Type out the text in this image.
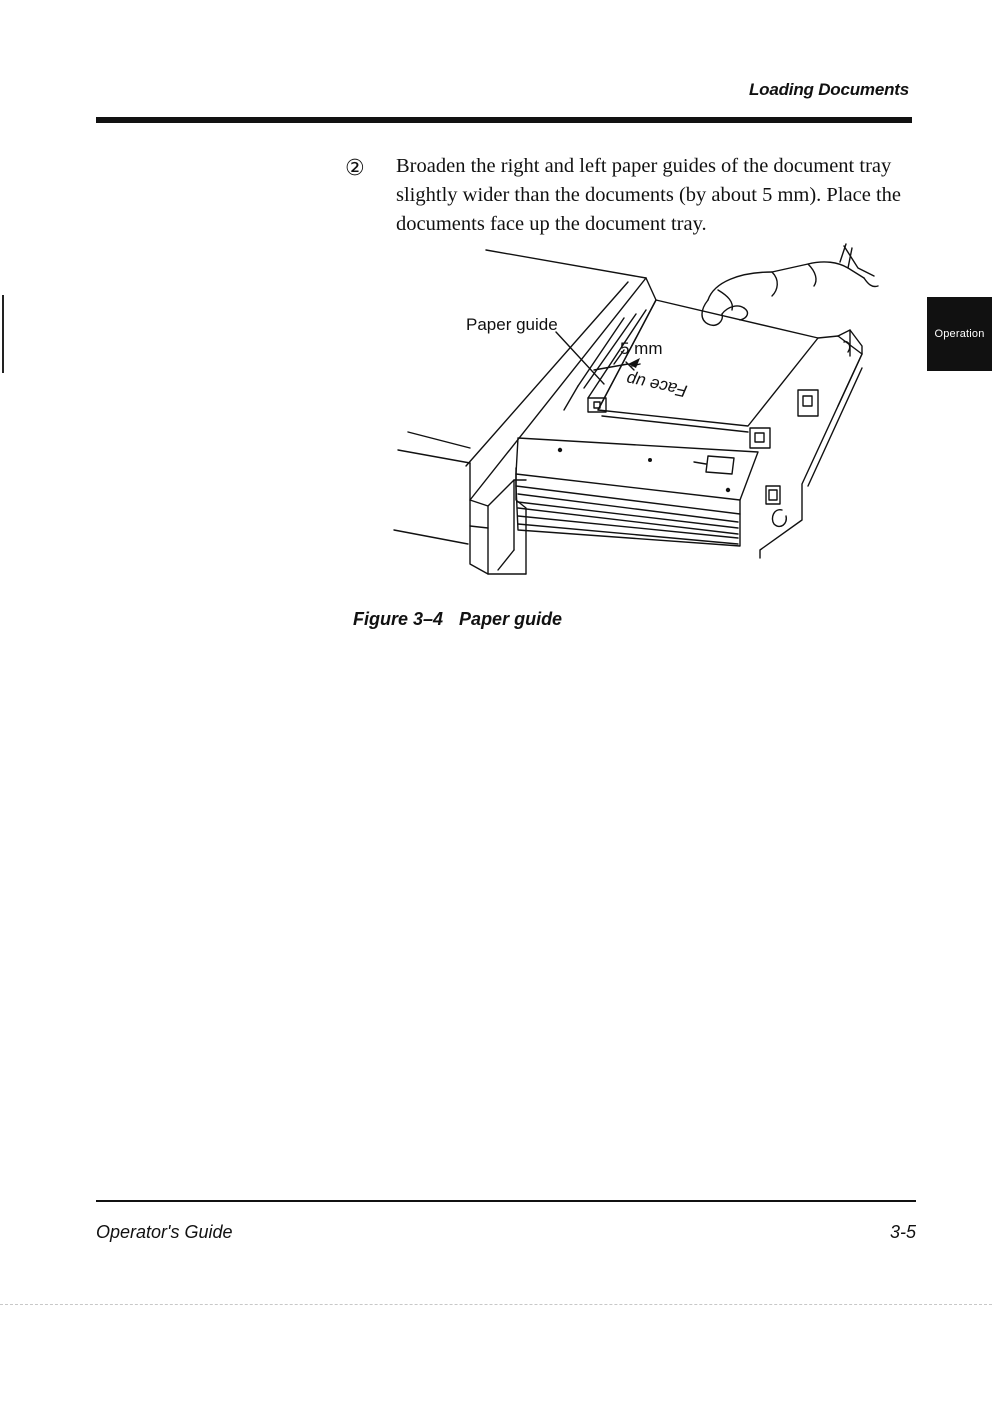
Loading Documents
Operation
② Broaden the right and left paper guides of the document tray slightly wider than the documents (by about 5 mm). Place the documents face up the document tray.
Paper guide
5 mm
Face up
Figure 3–4 Paper guide
Operator's Guide	3-5
